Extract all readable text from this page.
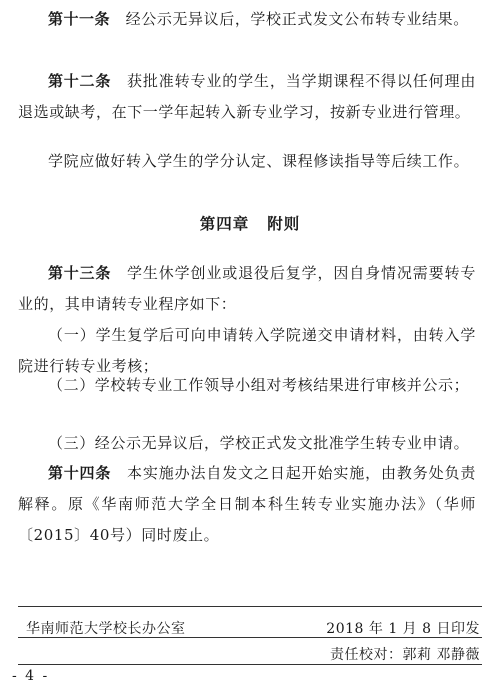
第十一条　 经公示无异议后，学校正式发文公布转专业结果。

第十二条　 获批准转专业的学生，当学期课程不得以任何理由退选或缺考，在下一学年起转入新专业学习，按新专业进行管理。

学院应做好转入学生的学分认定、课程修读指导等后续工作。

第四章 附则

第十三条　 学生休学创业或退役后复学，因自身情况需要转专业的，其申请转专业程序如下：

（一）学生复学后可向申请转入学院递交申请材料，由转入学院进行转专业考核；

（二）学校转专业工作领导小组对考核结果进行审核并公示；

（三）经公示无异议后，学校正式发文批准学生转专业申请。

第十四条　 本实施办法自发文之日起开始实施，由教务处负责解释。原《华南师范大学全日制本科生转专业实施办法》（华师〔2015〕40号）同时废止。

华南师范大学校长办公室	2018 年 1 月 8 日印发
责任校对：郭莉 邓静薇
- 4 -
